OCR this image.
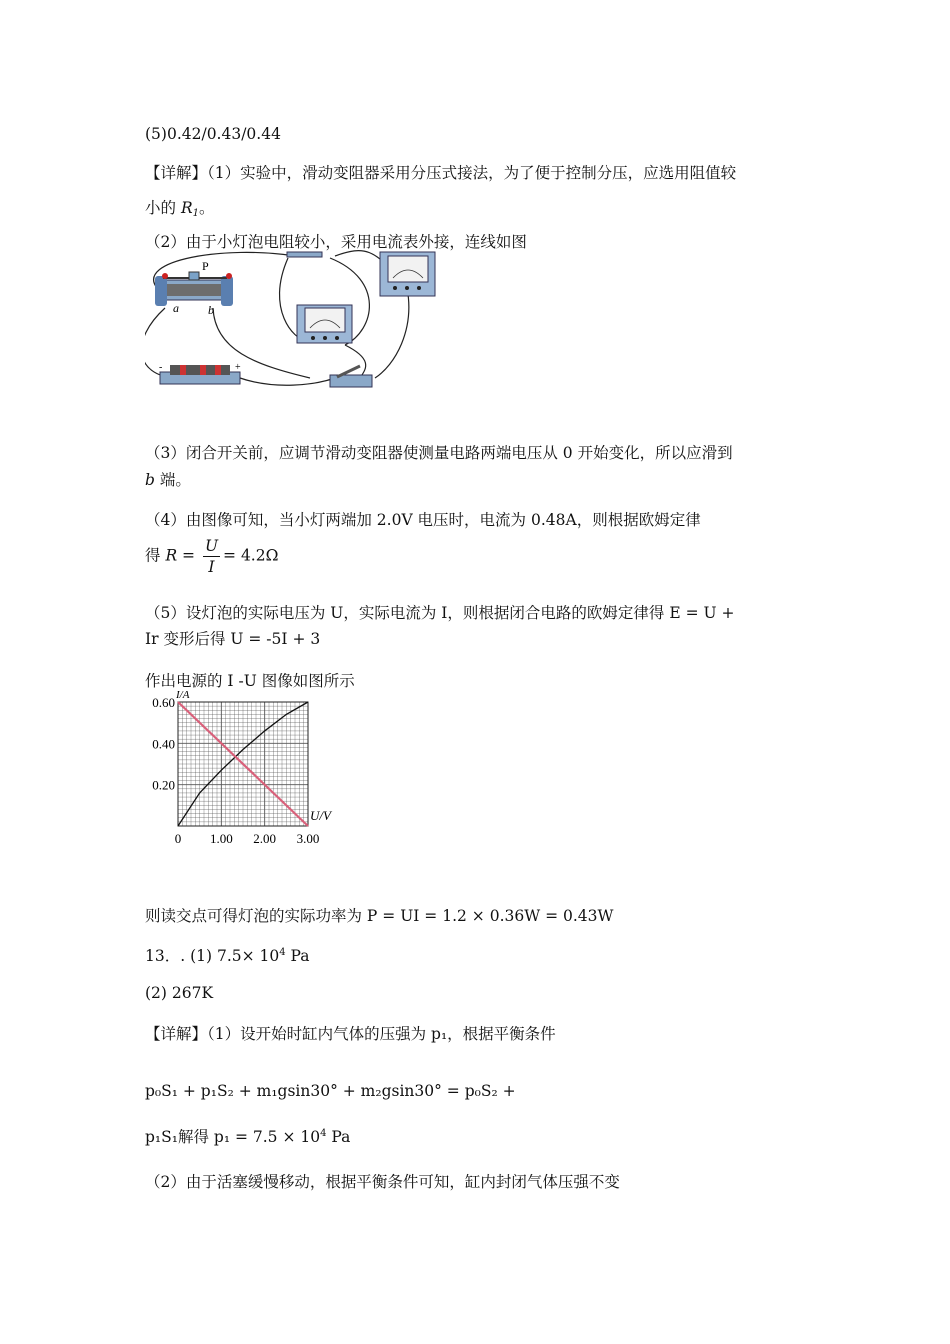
(5)0.42/0.43/0.44
【详解】（1）实验中，滑动变阻器采用分压式接法，为了便于控制分压，应选用阻值较
小的 $R_1$。
（2）由于小灯泡电阻较小，采用电流表外接，连线如图
P
a b
-	+
（3）闭合开关前，应调节滑动变阻器使测量电路两端电压从 0 开始变化，所以应滑到
b 端。
（4）由图像可知，当小灯两端加 2.0V 电压时，电流为 0.48A，则根据欧姆定律
得 $R = \frac{U}{I} = 4.2\Omega$
（5）设灯泡的实际电压为 U，实际电流为 I，则根据闭合电路的欧姆定律得 E = U +
Ir 变形后得 U = -5I + 3
作出电源的 I -U 图像如图所示
0 1.00 2.00 3.00
0.20
0.40
0.60
U/V
I/A
则读交点可得灯泡的实际功率为 P = UI = 1.2 × 0.36W = 0.43W
13．. (1) $7.5\times 10^4$ Pa
(2) 267K
【详解】（1）设开始时缸内气体的压强为 p₁，根据平衡条件
p₀S₁ + p₁S₂ + m₁gsin30° + m₂gsin30° = p₀S₂ +
p₁S₁解得 $p_1 = 7.5 \times 10^4$ Pa
（2）由于活塞缓慢移动，根据平衡条件可知，缸内封闭气体压强不变
